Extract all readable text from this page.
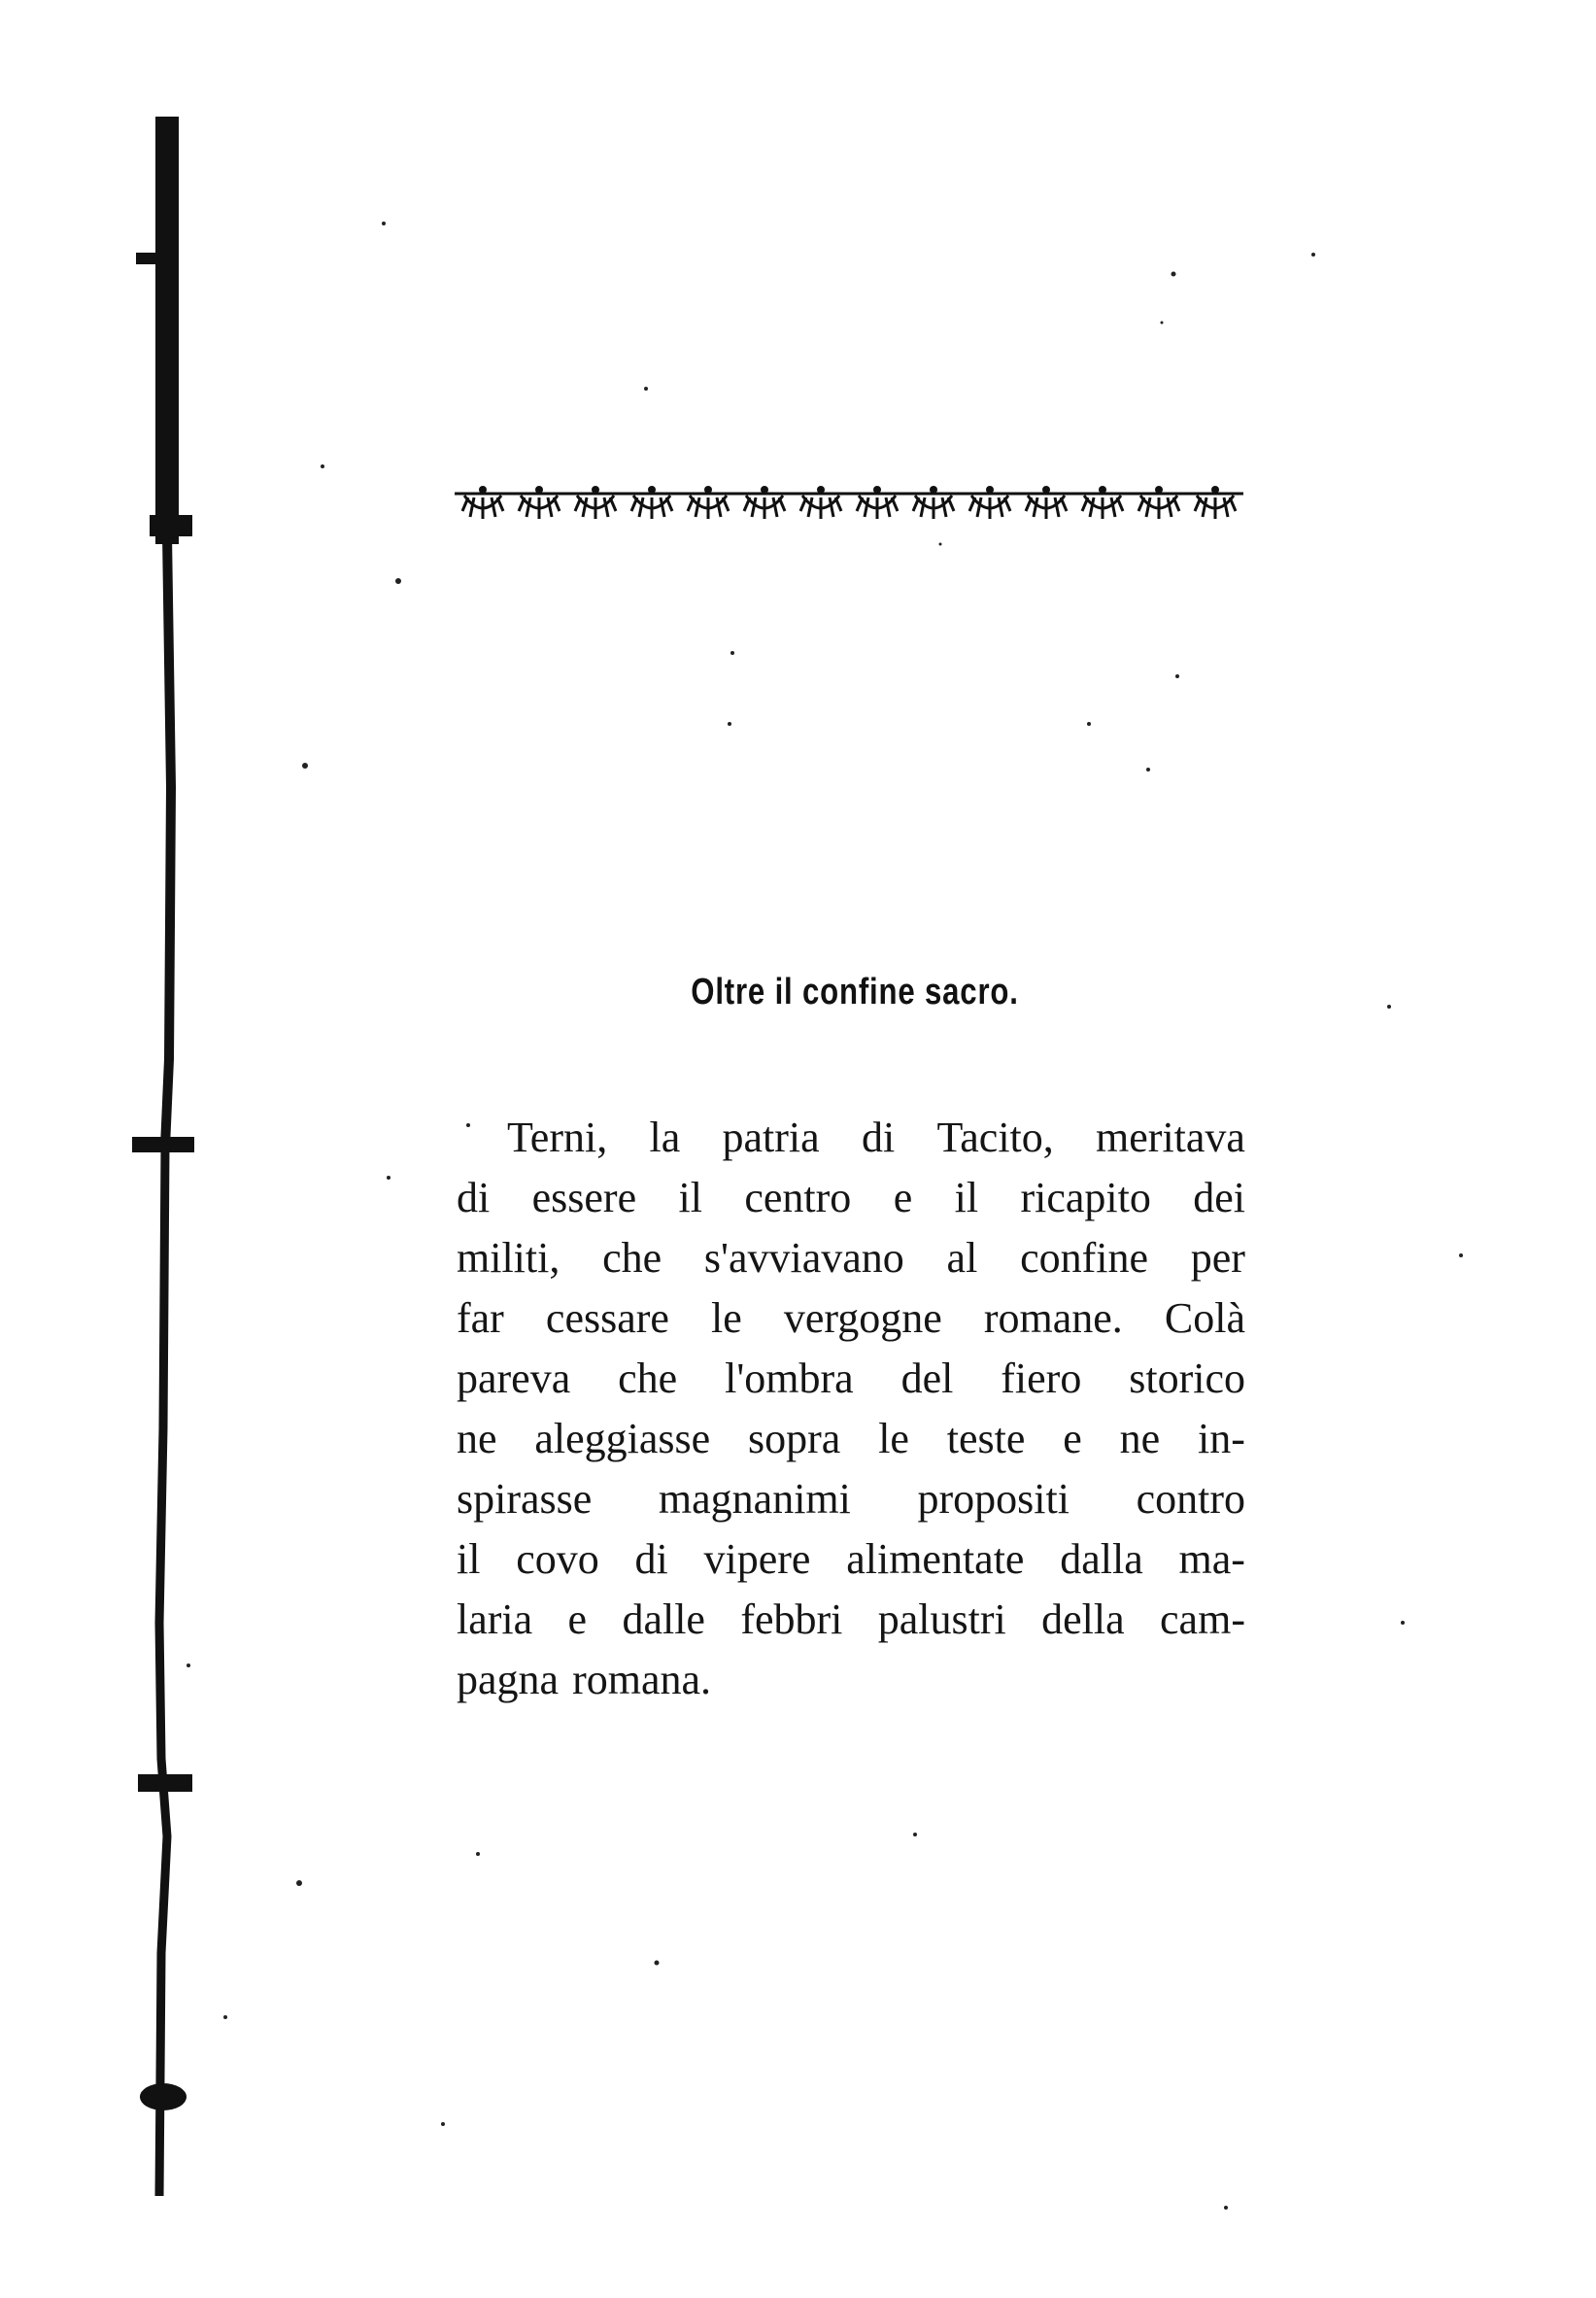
Oltre il confine sacro.
Terni, la patria di Tacito, meritava
di essere il centro e il ricapito dei
militi, che s'avviavano al confine per
far cessare le vergogne romane. Colà
pareva che l'ombra del fiero storico
ne aleggiasse sopra le teste e ne in-
spirasse magnanimi propositi contro
il covo di vipere alimentate dalla ma-
laria e dalle febbri palustri della cam-
pagna romana.
